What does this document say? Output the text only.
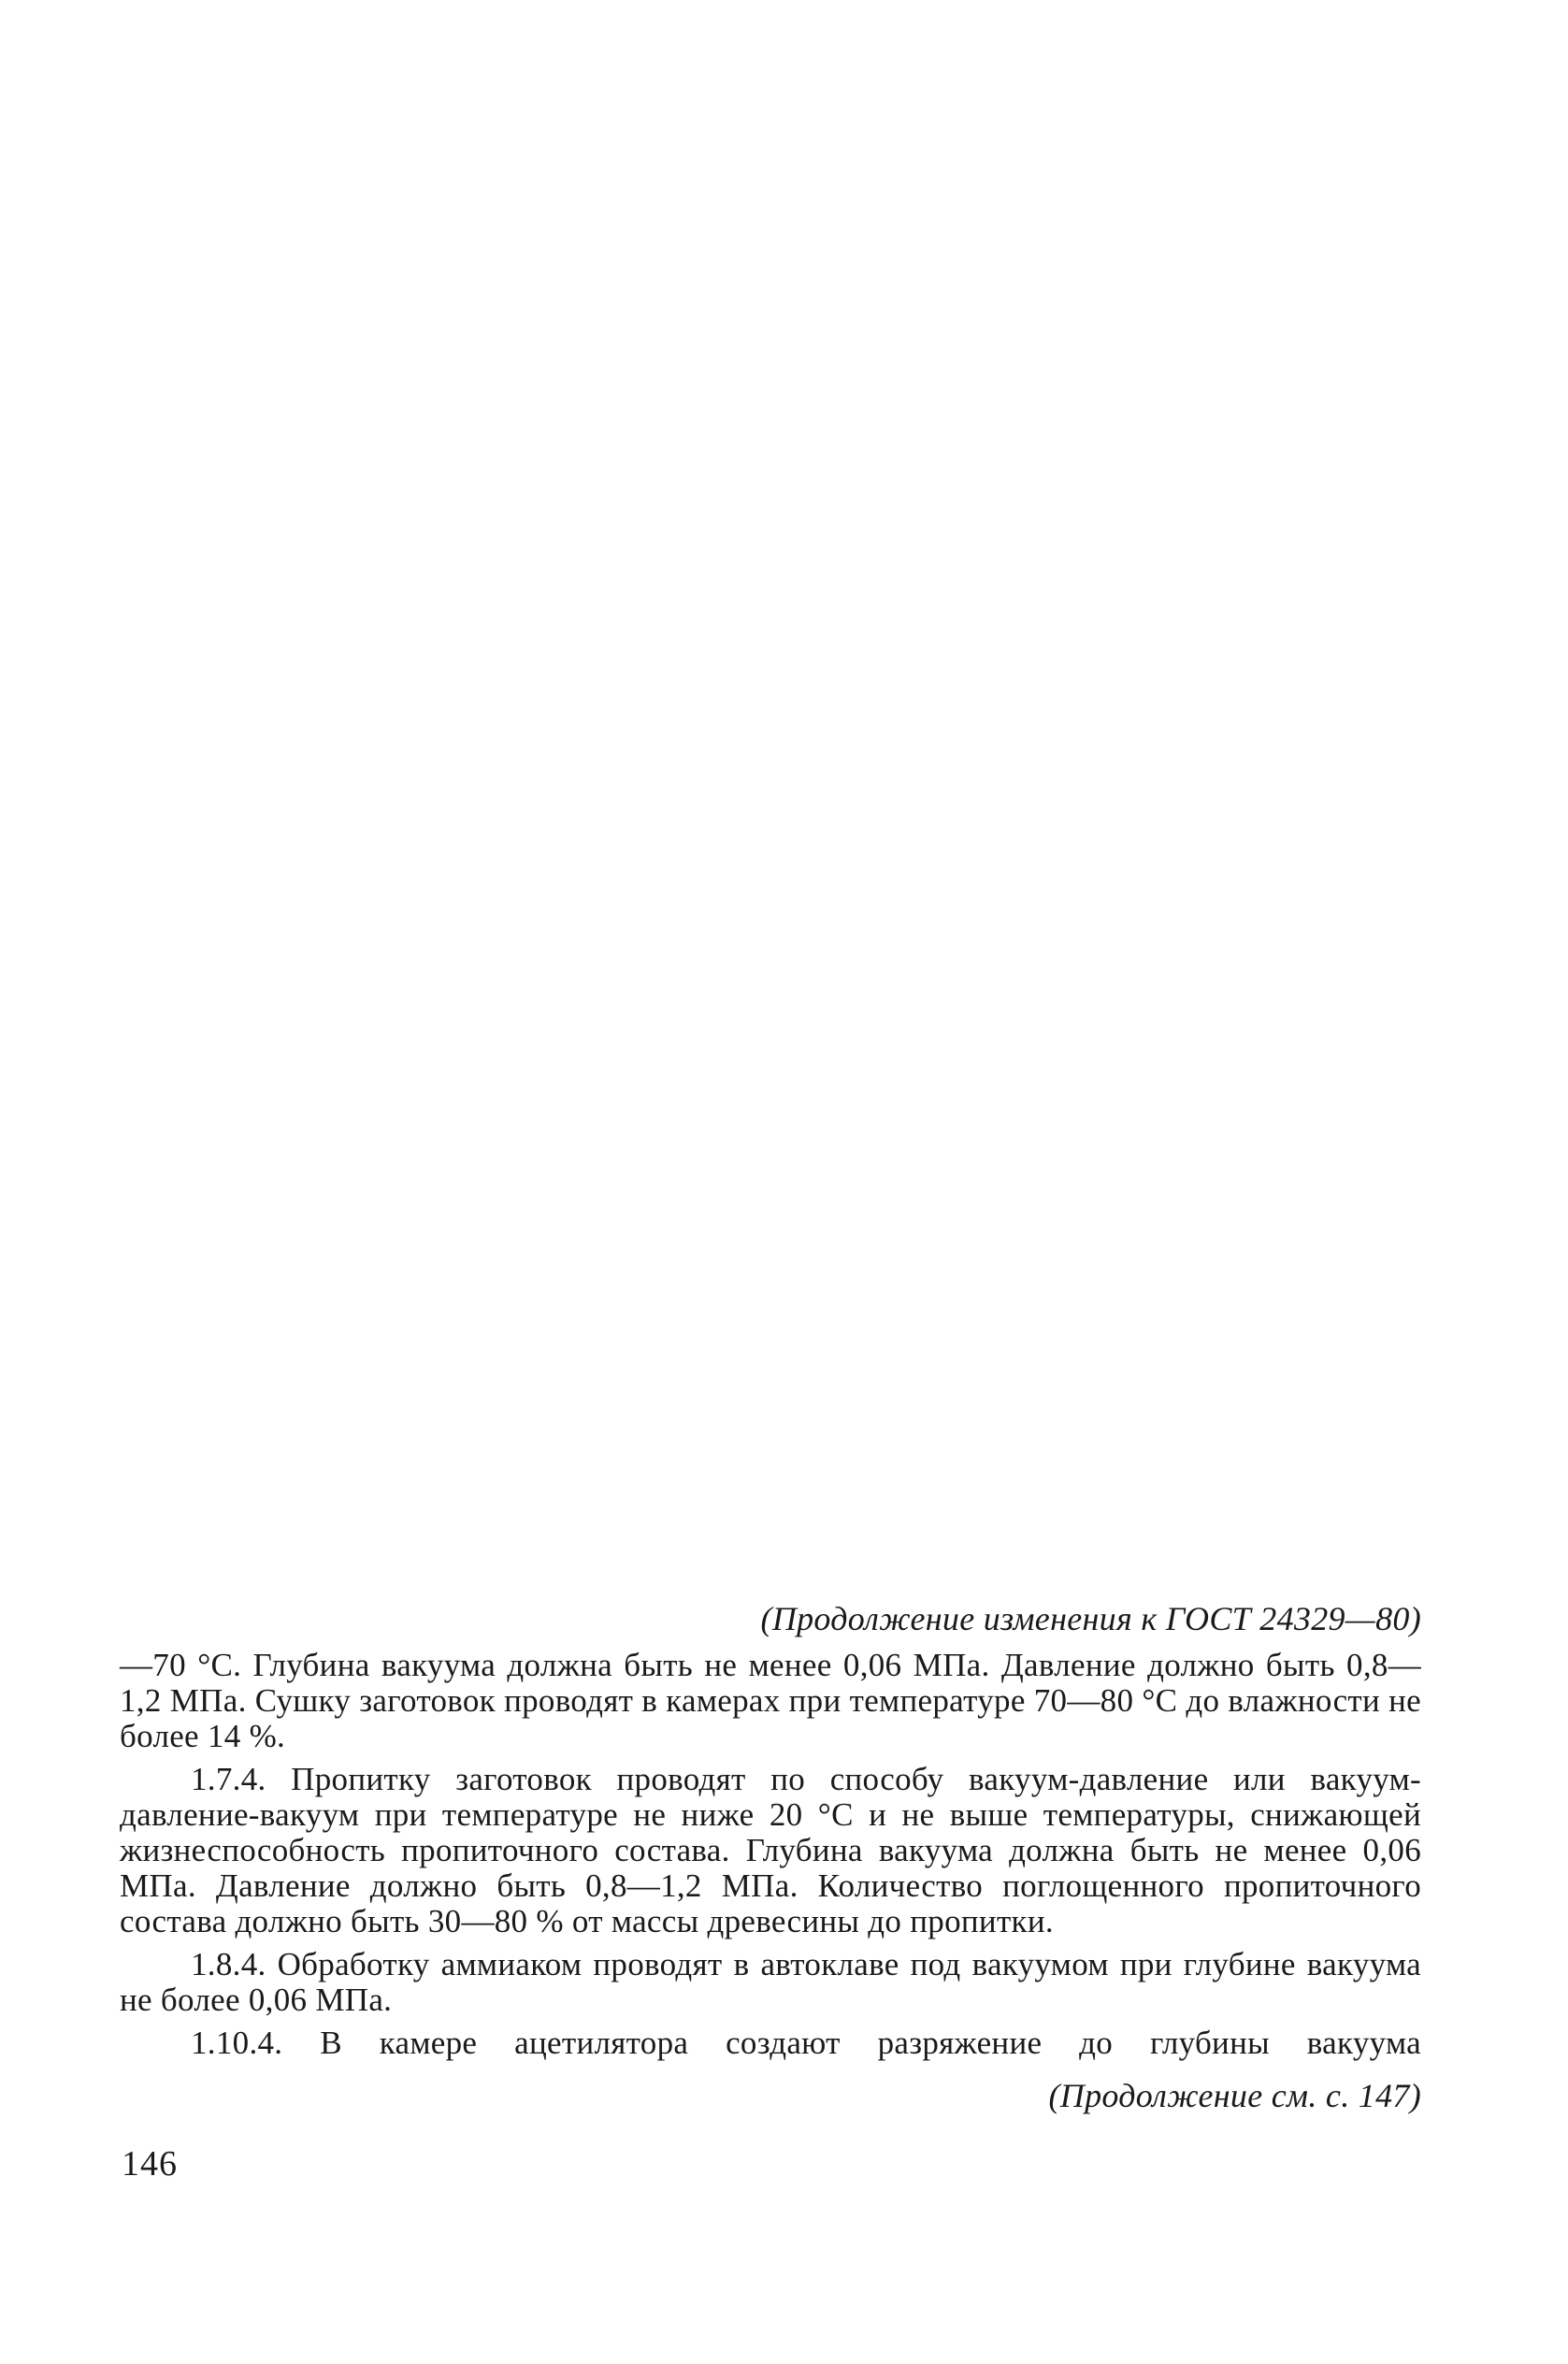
(Продолжение изменения к ГОСТ 24329—80)

—70 °С. Глубина вакуума должна быть не менее 0,06 МПа. Давление должно быть 0,8—1,2 МПа. Сушку заготовок проводят в камерах при температуре 70—80 °С до влажности не более 14 %.

1.7.4. Пропитку заготовок проводят по способу вакуум-давление или вакуум-давление-вакуум при температуре не ниже 20 °С и не выше температуры, снижающей жизнеспособность пропиточного состава. Глубина вакуума должна быть не менее 0,06 МПа. Давление должно быть 0,8—1,2 МПа. Количество поглощенного пропиточного состава должно быть 30—80 % от массы древесины до пропитки.

1.8.4. Обработку аммиаком проводят в автоклаве под вакуумом при глубине вакуума не более 0,06 МПа.

1.10.4. В камере ацетилятора создают разряжение до глубины вакуума

(Продолжение см. с. 147)

146
